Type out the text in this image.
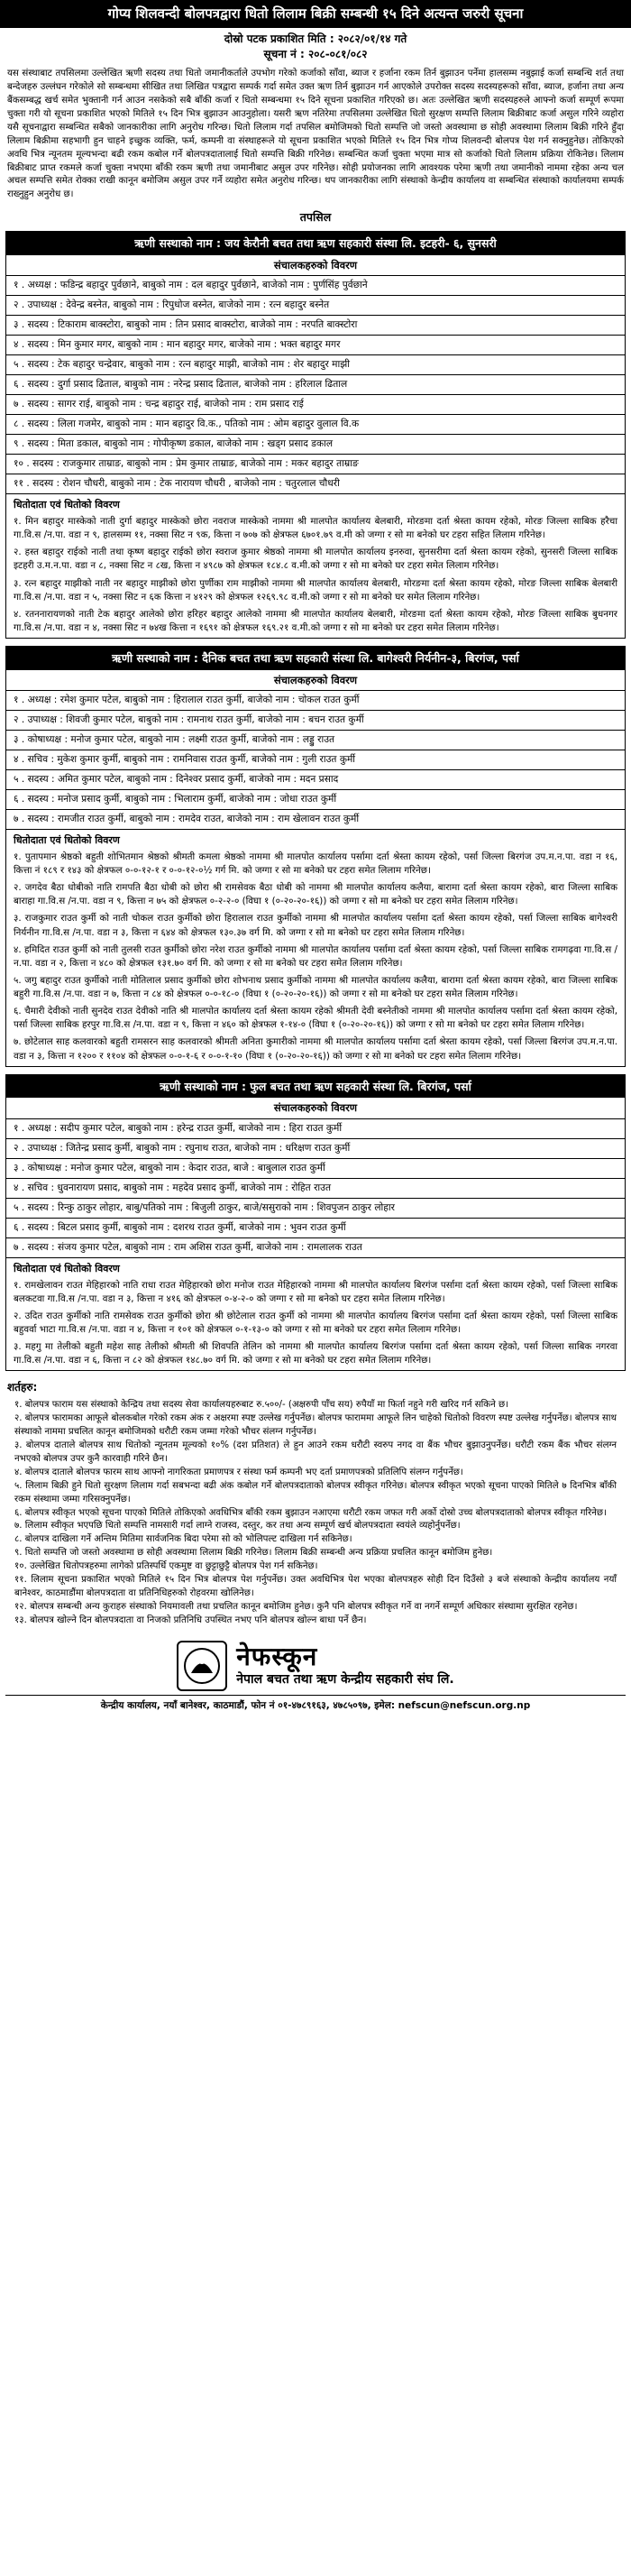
गोप्य शिलवन्दी बोलपत्रद्वारा धितो लिलाम बिक्री सम्बन्धी १५ दिने अत्यन्त जरुरी सूचना
दोस्रो पटक प्रकाशित मिति : २०८२/०१/१४ गते
सूचना नं : २०८-०८१/०८२
यस संस्थाबाट तपसिलमा उल्लेखित ऋणी सदस्य तथा धितो जमानीकर्ताले उपभोग गरेको कर्जाको साँवा, ब्याज र हर्जाना रकम तिर्न बुझाउन पर्नेमा हालसम्म नबुझाई कर्जा सम्बन्धि शर्त तथा बन्देजहरु उल्लंघन गरेकोले सो सम्बन्धमा सीखित तथा लिखित पत्रद्वारा सम्पर्क गर्दा समेत उक्त ऋण तिर्न बुझाउन गर्न आएकोले उपरोक्त सदस्य सदस्यहरूको साँवा, ब्याज, हर्जाना तथा अन्य बैंकसम्बद्ध खर्च समेत भुक्तानी गर्न आउन नसकेको सबै बाँकी कर्जा र धितो सम्बन्धमा १५ दिने सूचना प्रकाशित गरिएको छ। अतः उल्लेखित ऋणी सदस्यहरुले आफ्नो कर्जा सम्पूर्ण रूपमा चुक्ता गरी यो सूचना प्रकाशित भएको मितिले १५ दिन भित्र बुझाउन आउनुहोला। यसरी ऋण नतिरेमा तपसिलमा उल्लेखित धितो सुरक्षण सम्पत्ति लिलाम बिक्रीबाट कर्जा असुल गरिने व्यहोरा यसै सूचनाद्वारा सम्बन्धित सबैको जानकारीका लागि अनुरोध गरिन्छ। धितो लिलाम गर्दा तपसिल बमोजिमको धितो सम्पत्ति जो जस्तो अवस्थामा छ सोही अवस्थामा लिलाम बिक्री गरिने हुँदा लिलाम बिक्रीमा सहभागी हुन चाहने इच्छुक व्यक्ति, फर्म, कम्पनी वा संस्थाहरूले यो सूचना प्रकाशित भएको मितिले १५ दिन भित्र गोप्य शिलवन्दी बोलपत्र पेश गर्न सक्नुहुनेछ। तोकिएको अवधि भित्र न्यूनतम मूल्यभन्दा बढी रकम कबोल गर्ने बोलपत्रदातालाई धितो सम्पत्ति बिक्री गरिनेछ। सम्बन्धित कर्जा चुक्ता भएमा मात्र सो कर्जाको धितो लिलाम प्रक्रिया रोकिनेछ। लिलाम बिक्रीबाट प्राप्त रकमले कर्जा चुक्ता नभएमा बाँकी रकम ऋणी तथा जमानीबाट असुल उपर गरिनेछ। सोही प्रयोजनका लागि आवश्यक परेमा ऋणी तथा जमानीको नाममा रहेका अन्य चल अचल सम्पत्ति समेत रोक्का राखी कानून बमोजिम असुल उपर गर्ने व्यहोरा समेत अनुरोध गरिन्छ। थप जानकारीका लागि संस्थाको केन्द्रीय कार्यालय वा सम्बन्धित संस्थाको कार्यालयमा सम्पर्क राख्नुहुन अनुरोध छ।
तपसिल
ऋणी सस्थाको नाम : जय केरौनी बचत तथा ऋण सहकारी संस्था लि. इटहरी- ६, सुनसरी
संचालकहरुको विवरण
१ . अध्यक्ष : फडिन्द्र बहादुर पुर्वछाने, बाबुको नाम : दल बहादुर पुर्वछाने, बाजेको नाम : पुर्णसिंह पुर्वछाने
२ . उपाध्यक्ष : देवेन्द्र बस्नेत, बाबुको नाम : रिपुधोज बस्नेत, बाजेको नाम : रत्न बहादुर बस्नेत
३ . सदस्य : टिकाराम बाक्स्टोरा, बाबुको नाम : तिन प्रसाद बाक्स्टोरा, बाजेको नाम : नरपति बाक्स्टोरा
४ . सदस्य : मिन कुमार मगर, बाबुको नाम : मान बहादुर मगर, बाजेको नाम : भक्त बहादुर मगर
५ . सदस्य : टेक बहादुर चन्द्रेवार, बाबुको नाम : रत्न बहादुर माझी, बाजेको नाम : शेर बहादुर माझी
६ . सदस्य : दुर्गा प्रसाद ढिताल, बाबुको नाम : नरेन्द्र प्रसाद ढिताल, बाजेको नाम : हरिलाल ढिताल
७ . सदस्य : सागर राई, बाबुको नाम : चन्द्र बहादुर राई, बाजेको नाम : राम प्रसाद राई
८ . सदस्य : लिला गजमेर, बाबुको नाम : मान बहादुर वि.क., पतिको नाम : ओम बहादुर वुलाल वि.क
९ . सदस्य : मिता डकाल, बाबुको नाम : गोपीकृष्ण डकाल, बाजेको नाम : खड्ग प्रसाद डकाल
१० . सदस्य : राजकुमार ताम्राङ, बाबुको नाम : प्रेम कुमार ताम्राङ, बाजेको नाम : मकर बहादुर ताम्राङ
११ . सदस्य : रोशन चौधरी, बाबुको नाम : टेक नारायण चौधरी , बाजेको नाम : चतुरलाल चौधरी
धितोदाता एवं धितोको विवरण
१. मिन बहादुर मास्केको नाती दुर्गा बहादुर मास्केको छोरा नवराज मास्केको नाममा श्री मालपोत कार्यालय बेलबारी, मोरङमा दर्ता श्रेस्ता कायम रहेको, मोरङ जिल्ला साबिक हरैचा गा.वि.स /न.पा. वडा न ९, हालसम्म ११, नक्सा सिट न ९क, कित्ता न ७०७ को क्षेत्रफल ६७०१.७९ व.मी को जग्गा र सो मा बनेको घर टहरा सहित लिलाम गरिनेछ।
२. हस्त बहादुर राईको नाती तथा कृष्ण बहादुर राईको छोरा स्वराज कुमार श्रेष्ठको नाममा श्री मालपोत कार्यालय इनरुवा, सुनसरीमा दर्ता श्रेस्ता कायम रहेको, सुनसरी जिल्ला साबिक इटहरी उ.म.न.पा. वडा न ८, नक्सा सिट न ८ख, कित्ता न ४९८७ को क्षेत्रफल १८४.८ व.मी.को जग्गा र सो मा बनेको घर टहरा समेत लिलाम गरिनेछ।
३. रत्न बहादुर माझीको नाती नर बहादुर माझीको छोरा पुर्णीका राम माझीको नाममा श्री मालपोत कार्यालय बेलबारी, मोरङमा दर्ता श्रेस्ता कायम रहेको, मोरङ जिल्ला साबिक बेलबारी गा.वि.स /न.पा. वडा न ५, नक्सा सिट न ६क कित्ता न ४१२९ को क्षेत्रफल १२६९.९८ व.मी.को जग्गा र सो मा बनेको घर समेत लिलाम गरिनेछ।
४. रतननारायणको नाती टेक बहादुर आलेको छोरा हरिहर बहादुर आलेको नाममा श्री मालपोत कार्यालय बेलबारी, मोरङमा दर्ता श्रेस्ता कायम रहेको, मोरङ जिल्ला साबिक बुधनगर गा.वि.स /न.पा. वडा न ४, नक्सा सिट न ७४ख कित्ता न १६९१ को क्षेत्रफल १६९.२१ व.मी.को जग्गा र सो मा बनेको घर टहरा समेत लिलाम गरिनेछ।
ऋणी सस्थाको नाम : दैनिक बचत तथा ऋण सहकारी संस्था लि. बागेश्वरी निर्यनीन-३, बिरगंज, पर्सा
संचालकहरुको विवरण
१ . अध्यक्ष : रमेश कुमार पटेल, बाबुको नाम : हिरालाल राउत कुर्मी, बाजेको नाम : चोकल राउत कुर्मी
२ . उपाध्यक्ष : शिवजी कुमार पटेल, बाबुको नाम : रामनाथ राउत कुर्मी, बाजेको नाम : बचन राउत कुर्मी
३ . कोषाध्यक्ष : मनोज कुमार पटेल, बाबुको नाम : लक्ष्मी राउत कुर्मी, बाजेको नाम : लड्डु राउत
४ . सचिव : मुकेश कुमार कुर्मी, बाबुको नाम : रामनिवास राउत कुर्मी, बाजेको नाम : गुली राउत कुर्मी
५ . सदस्य : अमित कुमार पटेल, बाबुको नाम : दिनेश्वर प्रसाद कुर्मी, बाजेको नाम : मदन प्रसाद
६ . सदस्य : मनोज प्रसाद कुर्मी, बाबुको नाम : भिलाराम कुर्मी, बाजेको नाम : जोधा राउत कुर्मी
७ . सदस्य : रामजीत राउत कुर्मी, बाबुको नाम : रामदेव राउत, बाजेको नाम : राम खेलावन राउत कुर्मी
धितोदाता एवं धितोको विवरण
१. पुतापमान श्रेष्ठको बहुती शोभितमान श्रेष्ठको श्रीमती कमला श्रेष्ठको नाममा श्री मालपोत कार्यालय पर्सामा दर्ता श्रेस्ता कायम रहेको, पर्सा जिल्ला बिरगंज उप.म.न.पा. वडा न १६, कित्ता नं १८९ र १४३ को क्षेत्रफल ०-०-१२-१ र ०-०-१२-०½ गर्ग मि. को जग्गा र सो मा बनेको घर टहरा समेत लिलाम गरिनेछ।
२. जगदेव बैठा धोबीको नाति रामपति बैठा धोबी को छोरा श्री रामसेवक बैठा धोबी को नाममा श्री मालपोत कार्यालय कलैया, बारामा दर्ता श्रेस्ता कायम रहेको, बारा जिल्ला साबिक बाराहा गा.वि.स /न.पा. वडा न ९, कित्ता न ७५ को क्षेत्रफल ०-२-२-० (विघा १ (०-२०-२०-१६)) को जग्गा र सो मा बनेको घर टहरा समेत लिलाम गरिनेछ।
३. राजकुमार राउत कुर्मी को नाती चोकल राउत कुर्मीको छोरा हिरालाल राउत कुर्मीको नाममा श्री मालपोत कार्यालय पर्सामा दर्ता श्रेस्ता कायम रहेको, पर्सा जिल्ला साबिक बागेश्वरी निर्यनीन गा.वि.स /न.पा. वडा न ३, कित्ता न ६४४ को क्षेत्रफल १३०.३७ वर्ग मि. को जग्गा र सो मा बनेको घर टहरा समेत लिलाम गरिनेछ।
४. हमिदित राउत कुर्मी को नाती तुलसी राउत कुर्मीको छोरा नरेश राउत कुर्मीको नाममा श्री मालपोत कार्यालय पर्सामा दर्ता श्रेस्ता कायम रहेको, पर्सा जिल्ला साबिक रामगढ़वा गा.वि.स /न.पा. वडा न २, कित्ता न ४८० को क्षेत्रफल १३१.७० वर्ग मि. को जग्गा र सो मा बनेको घर टहरा समेत लिलाम गरिनेछ।
५. जगु बहादुर राउत कुर्मीको नाती मोतिलाल प्रसाद कुर्मीको छोरा शोभनाथ प्रसाद कुर्मीको नाममा श्री मालपोत कार्यालय कलैया, बारामा दर्ता श्रेस्ता कायम रहेको, बारा जिल्ला साबिक बहुरी गा.वि.स /न.पा. वडा न ७, कित्ता न ८४ को क्षेत्रफल ०-०-१८-० (विघा १ (०-२०-२०-१६)) को जग्गा र सो मा बनेको घर टहरा समेत लिलाम गरिनेछ।
६. चैमारी देवीको नाती सुनदेव राउत देवीको नाति श्री मालपोत कार्यालय दर्ता श्रेस्ता कायम रहेको श्रीमती देवी बस्नेतीको नाममा श्री मालपोत कार्यालय पर्सामा दर्ता श्रेस्ता कायम रहेको, पर्सा जिल्ला साबिक हरपुर गा.वि.स /न.पा. वडा न ९, कित्ता न ४६० को क्षेत्रफल १-१४-० (विघा १ (०-२०-२०-१६)) को जग्गा र सो मा बनेको घर टहरा समेत लिलाम गरिनेछ।
७. छोटेलाल साह कलवारको बहुती रामसरन साह कलवारको श्रीमती अनिता कुमारीको नाममा श्री मालपोत कार्यालय पर्सामा दर्ता श्रेस्ता कायम रहेको, पर्सा जिल्ला बिरगंज उप.म.न.पा. वडा न ३, कित्ता न १२०० र ११०४ को क्षेत्रफल ०-०-१-६ र ०-०-१-१० (विघा १ (०-२०-२०-१६)) को जग्गा र सो मा बनेको घर टहरा समेत लिलाम गरिनेछ।
ऋणी सस्थाको नाम : फुल बचत तथा ऋण सहकारी संस्था लि. बिरगंज, पर्सा
संचालकहरुको विवरण
१ . अध्यक्ष : सदीप कुमार पटेल, बाबुको नाम : हरेन्द्र राउत कुर्मी, बाजेको नाम : हिरा राउत कुर्मी
२ . उपाध्यक्ष : जितेन्द्र प्रसाद कुर्मी, बाबुको नाम : रघुनाथ राउत, बाजेको नाम : धरिक्षण राउत कुर्मी
३ . कोषाध्यक्ष : मनोज कुमार पटेल, बाबुको नाम : केदार राउत, बाजे : बाबुलाल राउत कुर्मी
४ . सचिव : धुवनारायण प्रसाद, बाबुको नाम : महदेव प्रसाद कुर्मी, बाजेको नाम : रोहित राउत
५ . सदस्य : रिन्कु ठाकुर लोहार, बाबु/पतिको नाम : बिजुली ठाकुर, बाजे/ससुराको नाम : शिवपुजन ठाकुर लोहार
६ . सदस्य : बिटल प्रसाद कुर्मी, बाबुको नाम : दशरथ राउत कुर्मी, बाजेको नाम : भुवन राउत कुर्मी
७ . सदस्य : संजय कुमार पटेल, बाबुको नाम : राम अशिस राउत कुर्मी, बाजेको नाम : रामलालक राउत
धितोदाता एवं धितोको विवरण
१. रामखेलावन राउत मेहिहारको नाति राधा राउत मेहिहारको छोरा मनोज राउत मेहिहारको नाममा श्री मालपोत कार्यालय बिरगंज पर्सामा दर्ता श्रेस्ता कायम रहेको, पर्सा जिल्ला साबिक बलकटवा गा.वि.स /न.पा. वडा न ३, कित्ता न ४१६ को क्षेत्रफल ०-४-२-० को जग्गा र सो मा बनेको घर टहरा समेत लिलाम गरिनेछ।
२. उदित राउत कुर्मीको नाति रामसेवक राउत कुर्मीको छोरा श्री छोटेलाल राउत कुर्मी को नाममा श्री मालपोत कार्यालय बिरगंज पर्सामा दर्ता श्रेस्ता कायम रहेको, पर्सा जिल्ला साबिक बहुवर्वा भाटा गा.वि.स /न.पा. वडा न ४, कित्ता न १०१ को क्षेत्रफल ०-१-१३-० को जग्गा र सो मा बनेको घर टहरा समेत लिलाम गरिनेछ।
३. महगु मा तेलीको बहुती महेश साह तेलीको श्रीमती श्री शिवपति तेलिन को नाममा श्री मालपोत कार्यालय बिरगंज पर्सामा दर्ता श्रेस्ता कायम रहेको, पर्सा जिल्ला साबिक नगरवा गा.वि.स /न.पा. वडा न ६, कित्ता न ८२ को क्षेत्रफल १४८.७० वर्ग मि. को जग्गा र सो मा बनेको घर टहरा समेत लिलाम गरिनेछ।
शर्तहरु:
१. बोलपत्र फाराम यस संस्थाको केन्द्रिय तथा सदस्य सेवा कार्यालयहरुबाट रु.५००/- (अक्षरुपी पाँच सय) रुपैयाँ मा फिर्ता नहुने गरी खरिद गर्न सकिने छ।
२. बोलपत्र फारामका आफूले बोलकबोल गरेको रकम अंक र अक्षरमा स्पष्ट उल्लेख गर्नुपर्नेछ। बोलपत्र फाराममा आफूले लिन चाहेको धितोको विवरण स्पष्ट उल्लेख गर्नुपर्नेछ। बोलपत्र साथ संस्थाको नाममा प्रचलित कानून बमोजिमको धरौटी रकम जम्मा गरेको भौचर संलग्न गर्नुपर्नेछ।
३. बोलपत्र दाताले बोलपत्र साथ धितोको न्यूनतम मूल्यको १०% (दश प्रतिशत) ले हुन आउने रकम धरौटी स्वरुप नगद वा बैंक भौचर बुझाउनुपर्नेछ। धरौटी रकम बैंक भौचर संलग्न नभएको बोलपत्र उपर कुनै कारवाही गरिने छैन।
४. बोलपत्र दाताले बोलपत्र फारम साथ आफ्नो नागरिकता प्रमाणपत्र र संस्था फर्म कम्पनी भए दर्ता प्रमाणपत्रको प्रतिलिपि संलग्न गर्नुपर्नेछ।
५. लिलाम बिक्री हुने धितो सुरक्षण लिलाम गर्दा सबभन्दा बढी अंक कबोल गर्ने बोलपत्रदाताको बोलपत्र स्वीकृत गरिनेछ। बोलपत्र स्वीकृत भएको सूचना पाएको मितिले ७ दिनभित्र बाँकी रकम संस्थामा जम्मा गरिसक्नुपर्नेछ।
६. बोलपत्र स्वीकृत भएको सूचना पाएको मितिले तोकिएको अवधिभित्र बाँकी रकम बुझाउन नआएमा धरौटी रकम जफत गरी अर्को दोस्रो उच्च बोलपत्रदाताको बोलपत्र स्वीकृत गरिनेछ।
७. लिलाम स्वीकृत भएपछि धितो सम्पत्ति नामसारी गर्दा लाग्ने राजस्व, दस्तुर, कर तथा अन्य सम्पूर्ण खर्च बोलपत्रदाता स्वयंले व्यहोर्नुपर्नेछ।
८. बोलपत्र दाखिला गर्ने अन्तिम मितिमा सार्वजनिक बिदा परेमा सो को भोलिपल्ट दाखिला गर्न सकिनेछ।
९. धितो सम्पत्ति जो जस्तो अवस्थामा छ सोही अवस्थामा लिलाम बिक्री गरिनेछ। लिलाम बिक्री सम्बन्धी अन्य प्रक्रिया प्रचलित कानून बमोजिम हुनेछ।
१०. उल्लेखित धितोपत्रहरुमा लागेको प्रतिस्पर्धि एकमुष्ट वा छुट्टाछुट्टै बोलपत्र पेश गर्न सकिनेछ।
११. लिलाम सूचना प्रकाशित भएको मितिले १५ दिन भित्र बोलपत्र पेश गर्नुपर्नेछ। उक्त अवधिभित्र पेश भएका बोलपत्रहरु सोही दिन दिउँसो ३ बजे संस्थाको केन्द्रीय कार्यालय नयाँ बानेश्वर, काठमाडौंमा बोलपत्रदाता वा प्रतिनिधिहरुको रोहवरमा खोलिनेछ।
१२. बोलपत्र सम्बन्धी अन्य कुराहरु संस्थाको नियमावली तथा प्रचलित कानून बमोजिम हुनेछ। कुनै पनि बोलपत्र स्वीकृत गर्ने वा नगर्ने सम्पूर्ण अधिकार संस्थामा सुरक्षित रहनेछ।
१३. बोलपत्र खोल्ने दिन बोलपत्रदाता वा निजको प्रतिनिधि उपस्थित नभए पनि बोलपत्र खोल्न बाधा पर्ने छैन।
नेफस्कून
नेपाल बचत तथा ऋण केन्द्रीय सहकारी संघ लि.
केन्द्रीय कार्यालय, नयाँ बानेश्वर, काठमाडौं, फोन नं ०१-४७८९१६३, ४७८५०९७, इमेल: nefscun@nefscun.org.np
